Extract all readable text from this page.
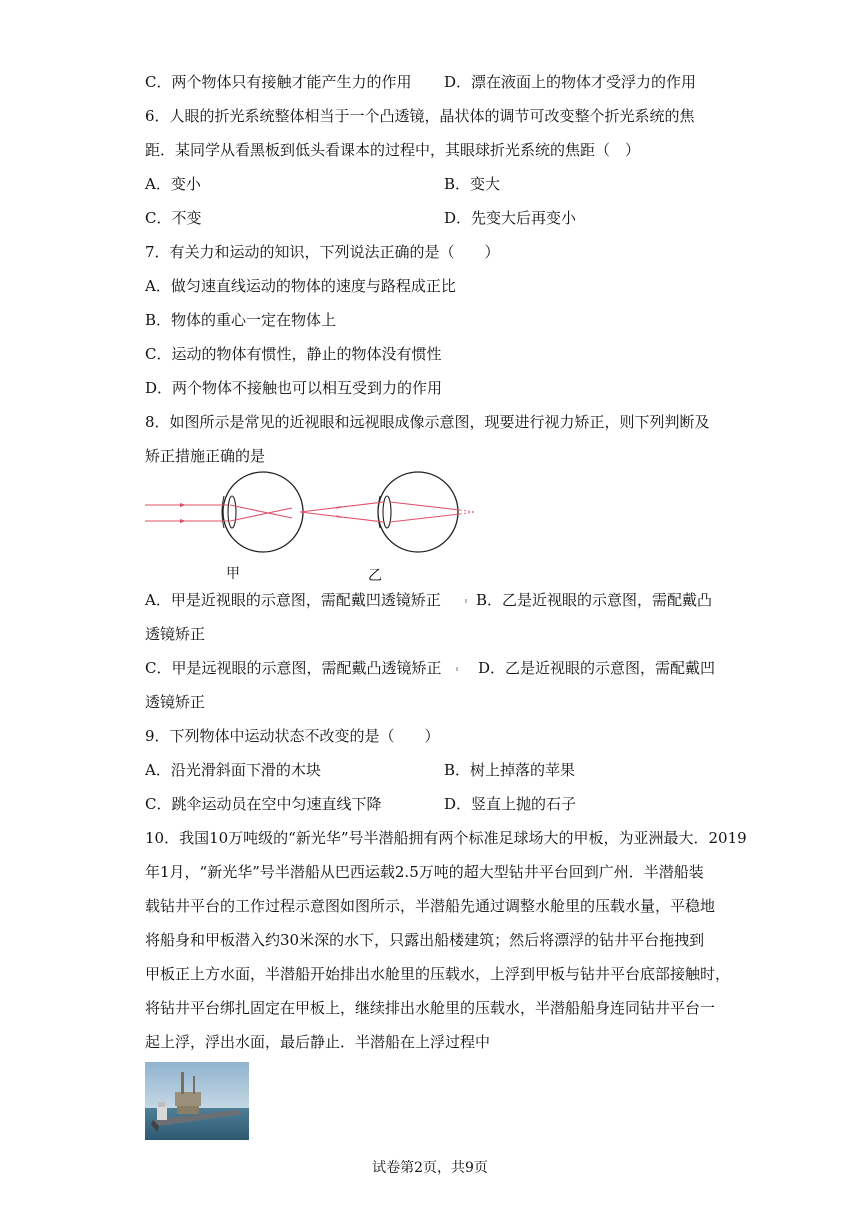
C．两个物体只有接触才能产生力的作用 D．漂在液面上的物体才受浮力的作用
6．人眼的折光系统整体相当于一个凸透镜，晶状体的调节可改变整个折光系统的焦
距．某同学从看黑板到低头看课本的过程中，其眼球折光系统的焦距（　）
A．变小	B．变大
C．不变	D．先变大后再变小
7．有关力和运动的知识，下列说法正确的是（　　）
A．做匀速直线运动的物体的速度与路程成正比
B．物体的重心一定在物体上
C．运动的物体有惯性，静止的物体没有惯性
D．两个物体不接触也可以相互受到力的作用
8．如图所示是常见的近视眼和远视眼成像示意图，现要进行视力矫正，则下列判断及
矫正措施正确的是
甲	乙
A．甲是近视眼的示意图，需配戴凹透镜矫正 B．乙是近视眼的示意图，需配戴凸
透镜矫正
C．甲是远视眼的示意图，需配戴凸透镜矫正 D．乙是近视眼的示意图，需配戴凹
透镜矫正
9．下列物体中运动状态不改变的是（　　）
A．沿光滑斜面下滑的木块	B．树上掉落的苹果
C．跳伞运动员在空中匀速直线下降	D．竖直上抛的石子
10．我国10万吨级的“新光华”号半潜船拥有两个标准足球场大的甲板，为亚洲最大．2019
年1月，“新光华”号半潜船从巴西运载2.5万吨的超大型钻井平台回到广州．半潜船装
载钻井平台的工作过程示意图如图所示，半潜船先通过调整水舱里的压载水量，平稳地
将船身和甲板潜入约30米深的水下，只露出船楼建筑；然后将漂浮的钻井平台拖拽到
甲板正上方水面，半潜船开始排出水舱里的压载水，上浮到甲板与钻井平台底部接触时，
将钻井平台绑扎固定在甲板上，继续排出水舱里的压载水，半潜船船身连同钻井平台一
起上浮，浮出水面，最后静止．半潜船在上浮过程中
试卷第2页，共9页
